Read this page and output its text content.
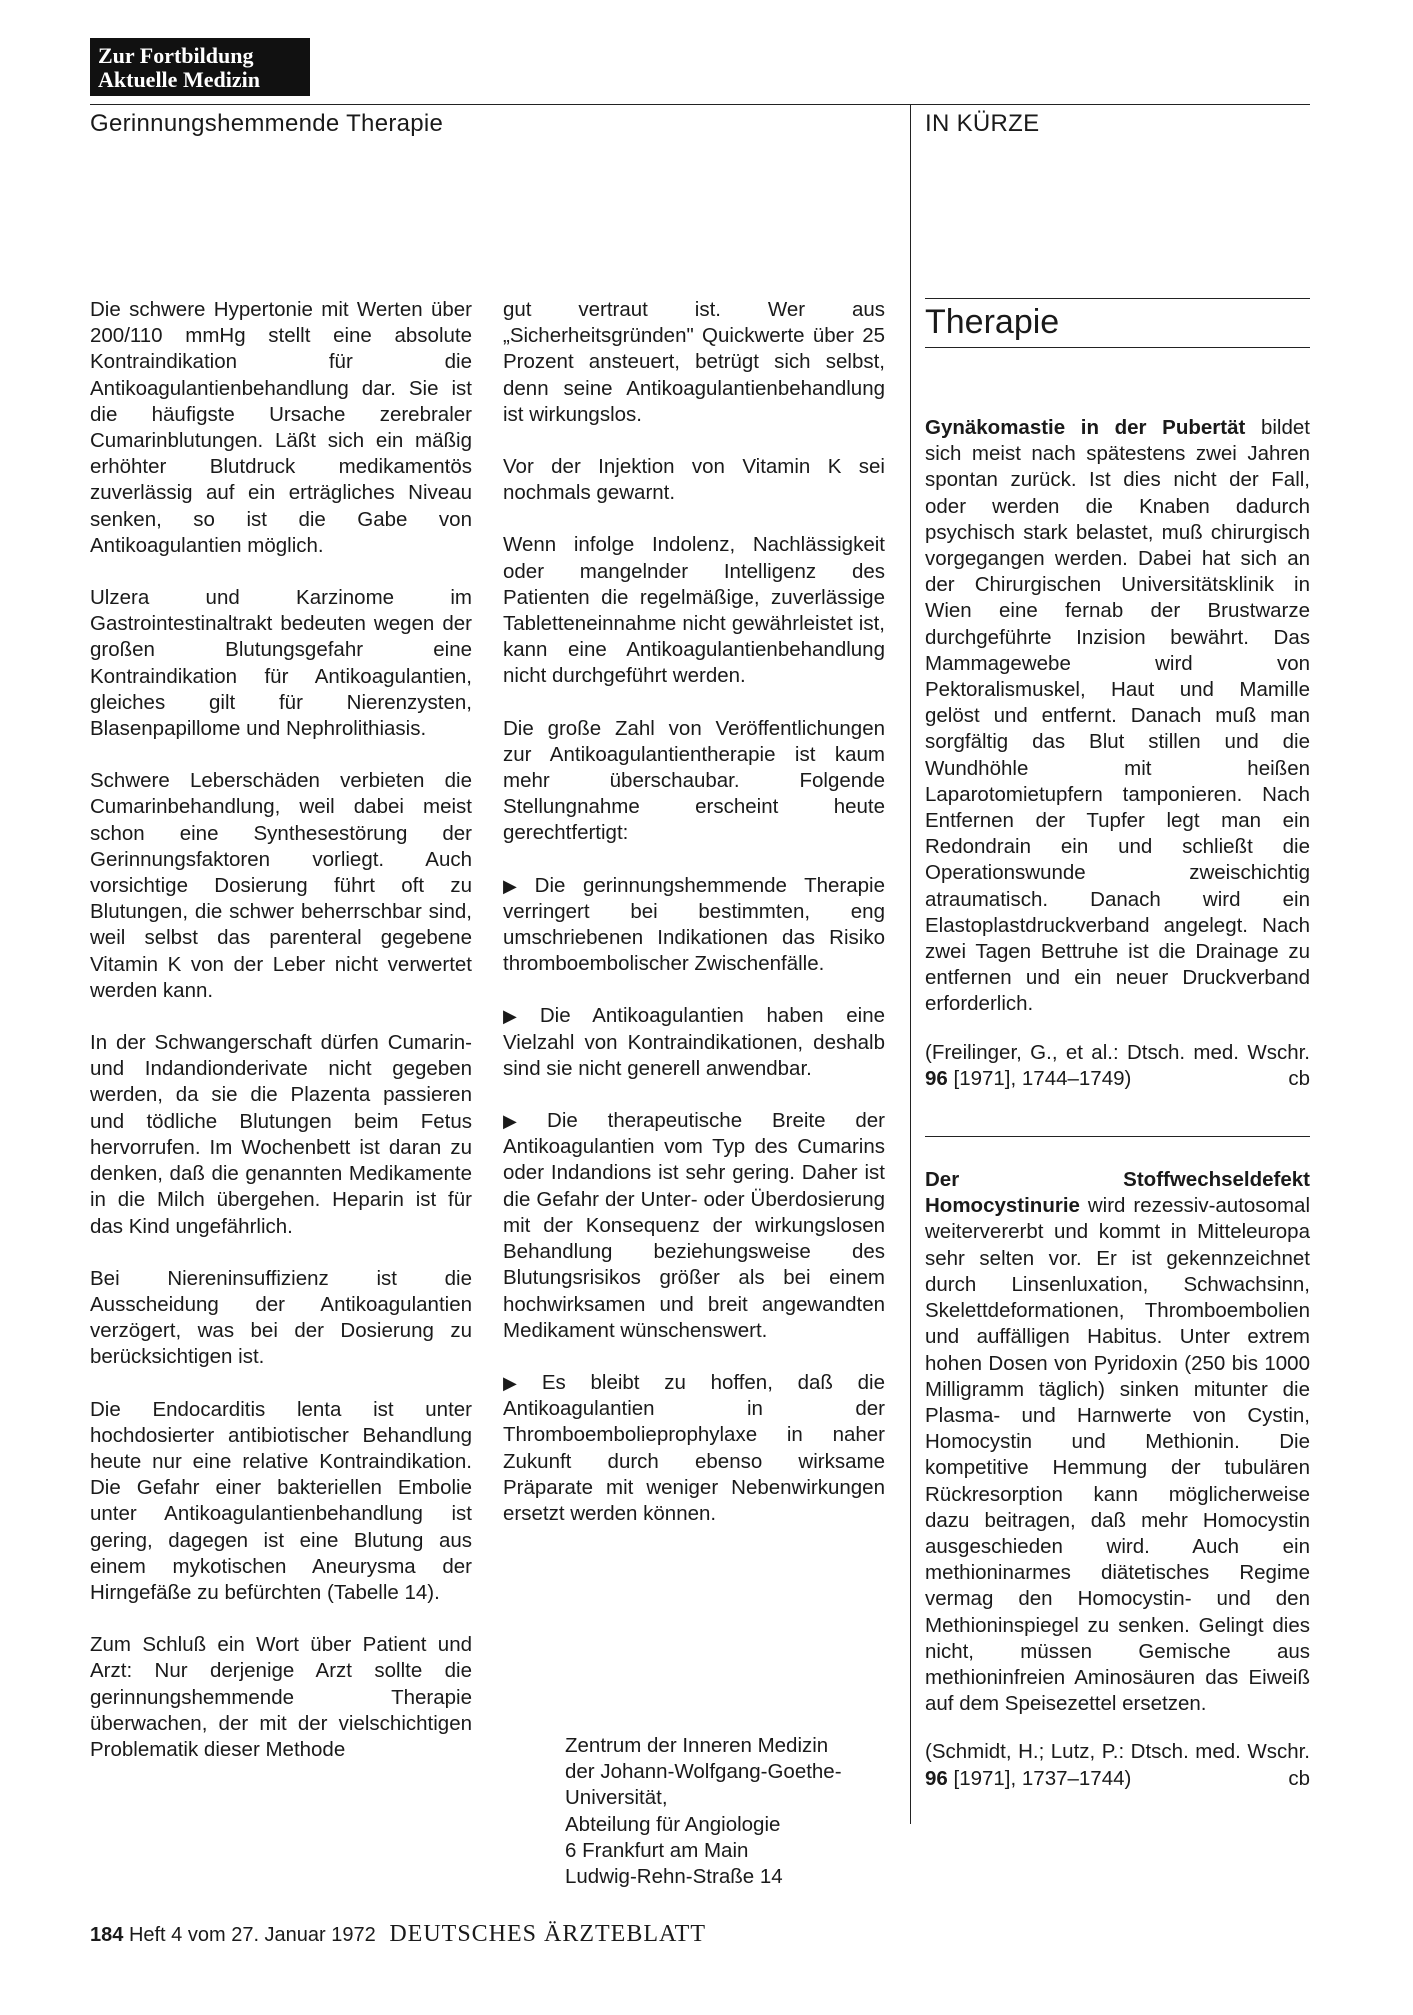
Zur Fortbildung
Aktuelle Medizin
Gerinnungshemmende Therapie	IN KÜRZE

Die schwere Hypertonie mit Werten über 200/110 mmHg stellt eine absolute Kontraindikation für die Antikoagulantienbehandlung dar. Sie ist die häufigste Ursache zerebraler Cumarinblutungen. Läßt sich ein mäßig erhöhter Blutdruck medikamentös zuverlässig auf ein erträgliches Niveau senken, so ist die Gabe von Antikoagulantien möglich.

Ulzera und Karzinome im Gastrointestinaltrakt bedeuten wegen der großen Blutungsgefahr eine Kontraindikation für Antikoagulantien, gleiches gilt für Nierenzysten, Blasenpapillome und Nephrolithiasis.

Schwere Leberschäden verbieten die Cumarinbehandlung, weil dabei meist schon eine Synthesestörung der Gerinnungsfaktoren vorliegt. Auch vorsichtige Dosierung führt oft zu Blutungen, die schwer beherrschbar sind, weil selbst das parenteral gegebene Vitamin K von der Leber nicht verwertet werden kann.

In der Schwangerschaft dürfen Cumarin- und Indandionderivate nicht gegeben werden, da sie die Plazenta passieren und tödliche Blutungen beim Fetus hervorrufen. Im Wochenbett ist daran zu denken, daß die genannten Medikamente in die Milch übergehen. Heparin ist für das Kind ungefährlich.

Bei Niereninsuffizienz ist die Ausscheidung der Antikoagulantien verzögert, was bei der Dosierung zu berücksichtigen ist.

Die Endocarditis lenta ist unter hochdosierter antibiotischer Behandlung heute nur eine relative Kontraindikation. Die Gefahr einer bakteriellen Embolie unter Antikoagulantienbehandlung ist gering, dagegen ist eine Blutung aus einem mykotischen Aneurysma der Hirngefäße zu befürchten (Tabelle 14).

Zum Schluß ein Wort über Patient und Arzt: Nur derjenige Arzt sollte die gerinnungshemmende Therapie überwachen, der mit der vielschichtigen Problematik dieser Methode

gut vertraut ist. Wer aus „Sicherheitsgründen" Quickwerte über 25 Prozent ansteuert, betrügt sich selbst, denn seine Antikoagulantienbehandlung ist wirkungslos.

Vor der Injektion von Vitamin K sei nochmals gewarnt.

Wenn infolge Indolenz, Nachlässigkeit oder mangelnder Intelligenz des Patienten die regelmäßige, zuverlässige Tabletteneinnahme nicht gewährleistet ist, kann eine Antikoagulantienbehandlung nicht durchgeführt werden.

Die große Zahl von Veröffentlichungen zur Antikoagulantientherapie ist kaum mehr überschaubar. Folgende Stellungnahme erscheint heute gerechtfertigt:

▶ Die gerinnungshemmende Therapie verringert bei bestimmten, eng umschriebenen Indikationen das Risiko thromboembolischer Zwischenfälle.

▶ Die Antikoagulantien haben eine Vielzahl von Kontraindikationen, deshalb sind sie nicht generell anwendbar.

▶ Die therapeutische Breite der Antikoagulantien vom Typ des Cumarins oder Indandions ist sehr gering. Daher ist die Gefahr der Unter- oder Überdosierung mit der Konsequenz der wirkungslosen Behandlung beziehungsweise des Blutungsrisikos größer als bei einem hochwirksamen und breit angewandten Medikament wünschenswert.

▶ Es bleibt zu hoffen, daß die Antikoagulantien in der Thromboembolieprophylaxe in naher Zukunft durch ebenso wirksame Präparate mit weniger Nebenwirkungen ersetzt werden können.

Zentrum der Inneren Medizin
der Johann-Wolfgang-Goethe-
Universität,
Abteilung für Angiologie
6 Frankfurt am Main
Ludwig-Rehn-Straße 14
Therapie

Gynäkomastie in der Pubertät bildet sich meist nach spätestens zwei Jahren spontan zurück. Ist dies nicht der Fall, oder werden die Knaben dadurch psychisch stark belastet, muß chirurgisch vorgegangen werden. Dabei hat sich an der Chirurgischen Universitätsklinik in Wien eine fernab der Brustwarze durchgeführte Inzision bewährt. Das Mammagewebe wird von Pektoralismuskel, Haut und Mamille gelöst und entfernt. Danach muß man sorgfältig das Blut stillen und die Wundhöhle mit heißen Laparotomietupfern tamponieren. Nach Entfernen der Tupfer legt man ein Redondrain ein und schließt die Operationswunde zweischichtig atraumatisch. Danach wird ein Elastoplastdruckverband angelegt. Nach zwei Tagen Bettruhe ist die Drainage zu entfernen und ein neuer Druckverband erforderlich.

(Freilinger, G., et al.: Dtsch. med. Wschr. 96 [1971], 1744–1749)	cb

Der Stoffwechseldefekt Homocystinurie wird rezessiv-autosomal weitervererbt und kommt in Mitteleuropa sehr selten vor. Er ist gekennzeichnet durch Linsenluxation, Schwachsinn, Skelettdeformationen, Thromboembolien und auffälligen Habitus. Unter extrem hohen Dosen von Pyridoxin (250 bis 1000 Milligramm täglich) sinken mitunter die Plasma- und Harnwerte von Cystin, Homocystin und Methionin. Die kompetitive Hemmung der tubulären Rückresorption kann möglicherweise dazu beitragen, daß mehr Homocystin ausgeschieden wird. Auch ein methioninarmes diätetisches Regime vermag den Homocystin- und den Methioninspiegel zu senken. Gelingt dies nicht, müssen Gemische aus methioninfreien Aminosäuren das Eiweiß auf dem Speisezettel ersetzen.

(Schmidt, H.; Lutz, P.: Dtsch. med. Wschr. 96 [1971], 1737–1744)	cb

184 Heft 4 vom 27. Januar 1972 DEUTSCHES ÄRZTEBLATT
